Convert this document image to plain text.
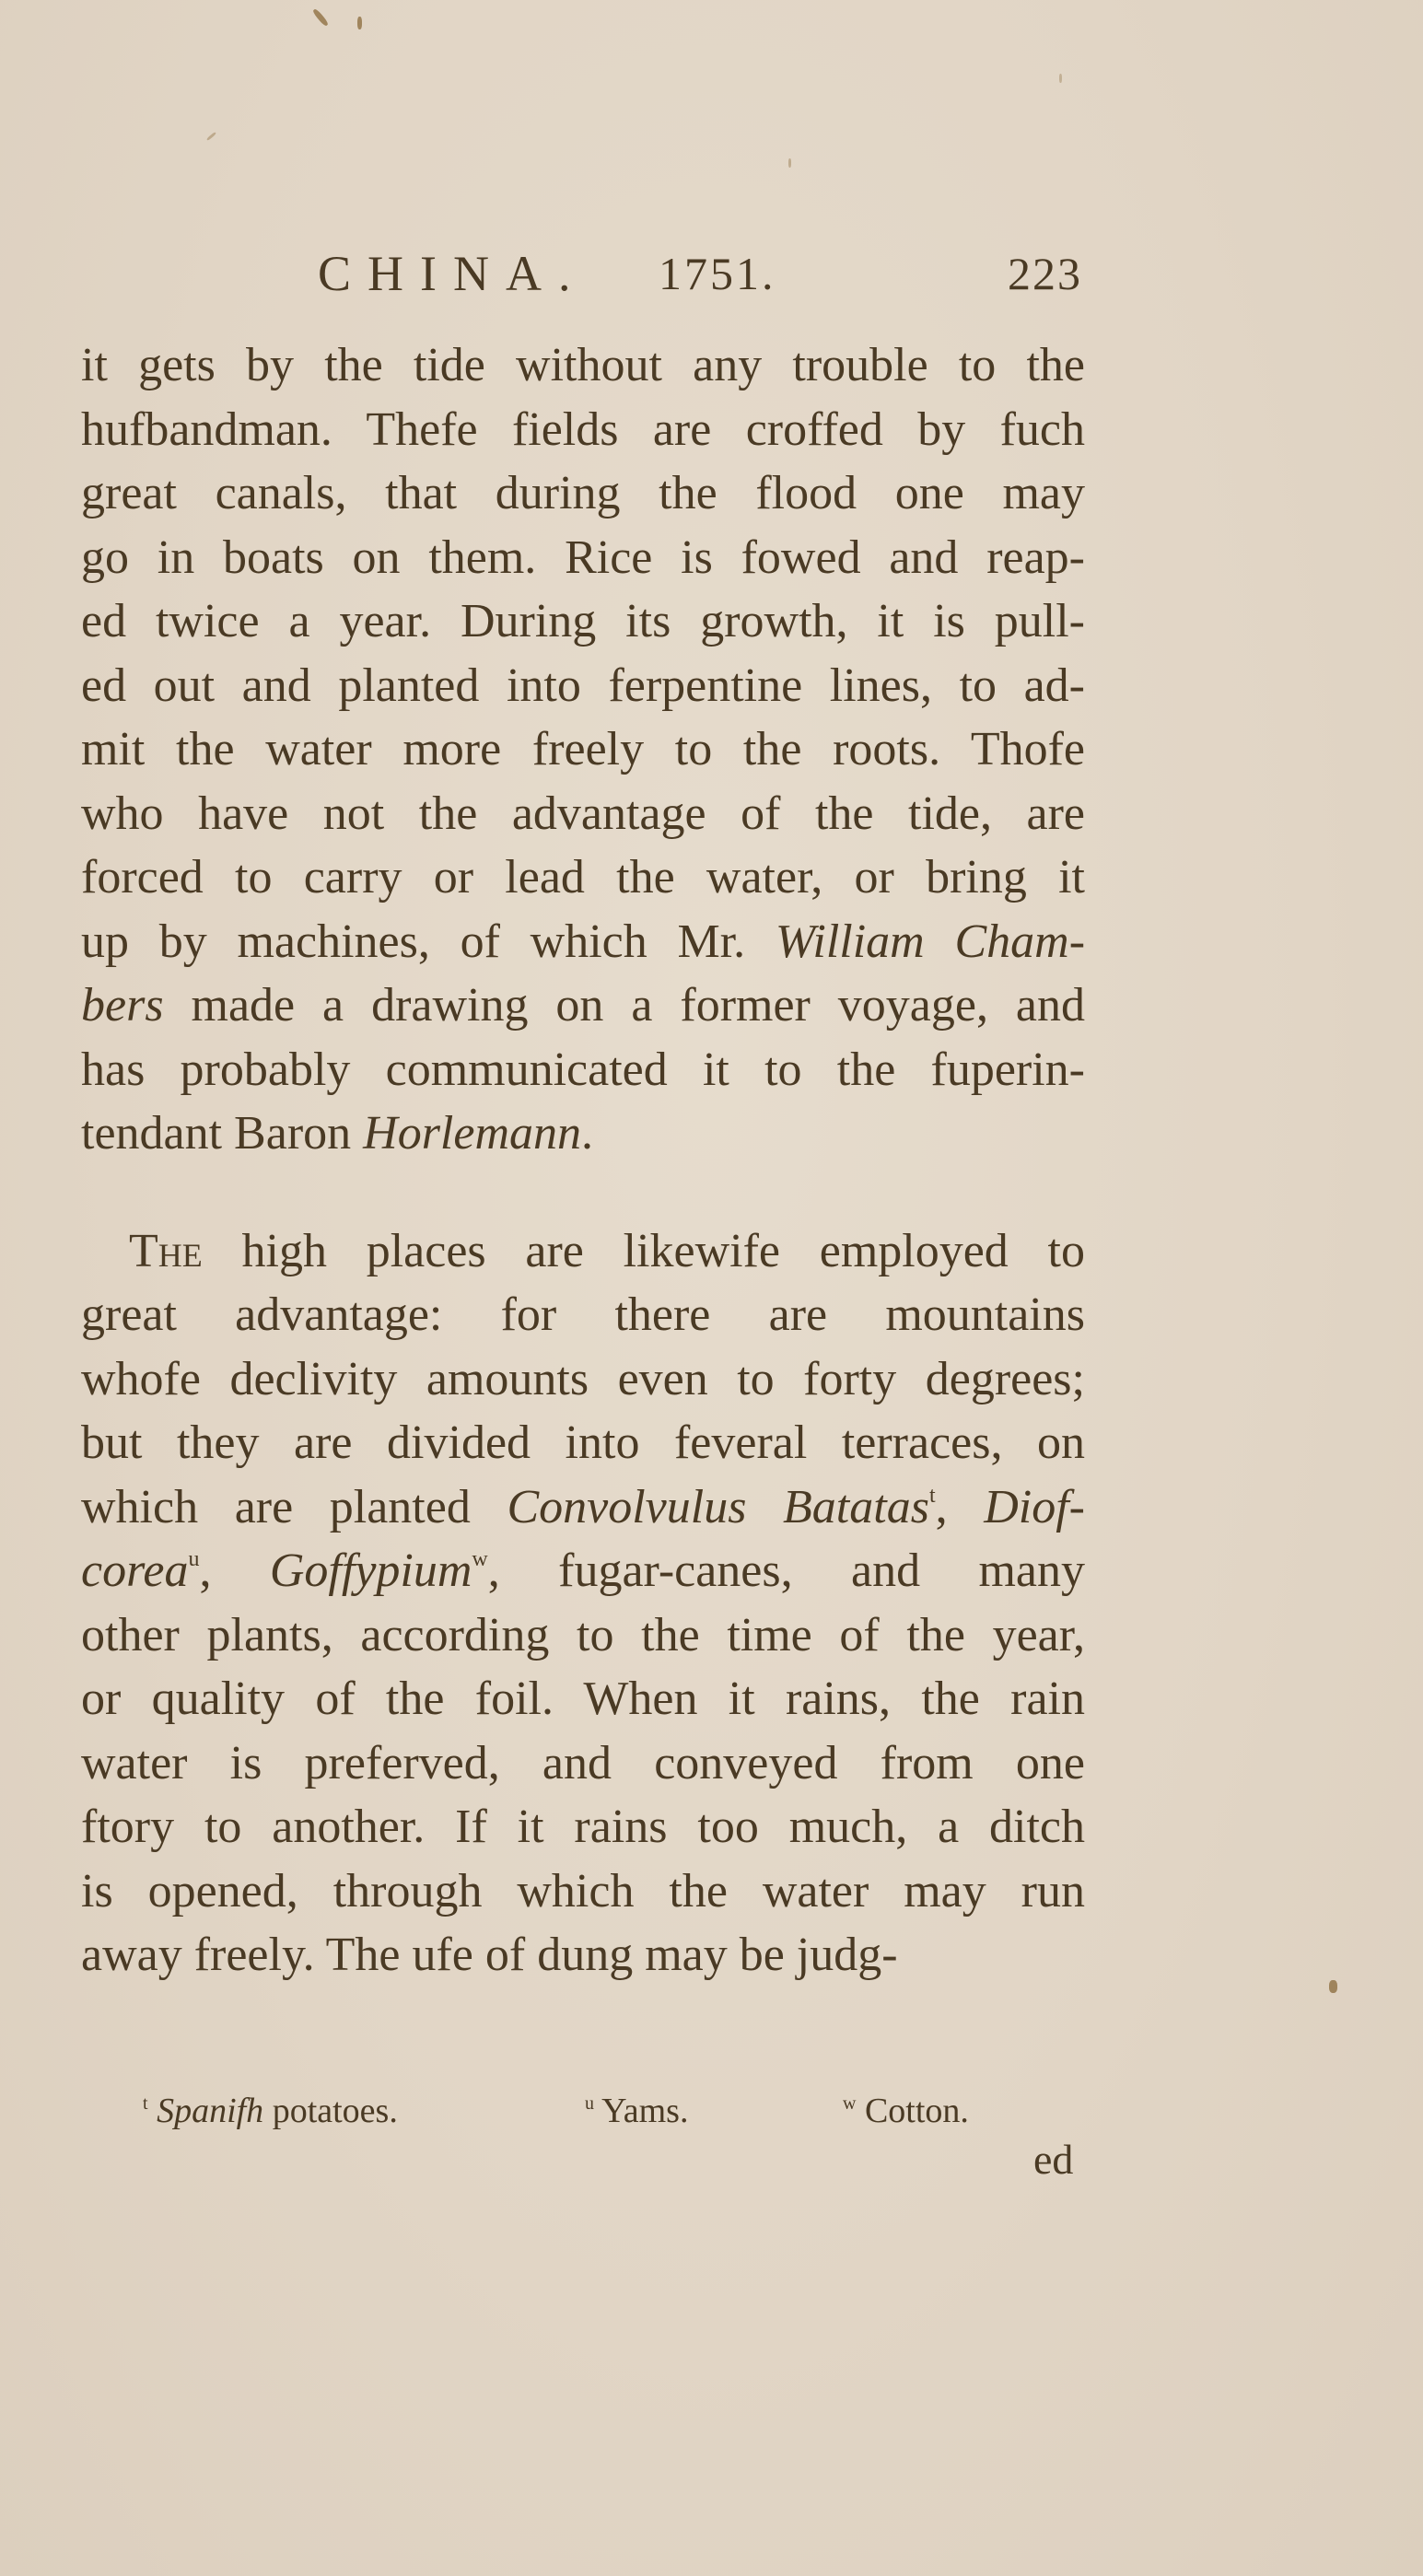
CHINA. 1751.	223
it gets by the tide without any trouble to the
hufbandman. Thefe fields are croffed by fuch
great canals, that during the flood one may
go in boats on them. Rice is fowed and reap-
ed twice a year. During its growth, it is pull-
ed out and planted into ferpentine lines, to ad-
mit the water more freely to the roots. Thofe
who have not the advantage of the tide, are
forced to carry or lead the water, or bring it
up by machines, of which Mr. William Cham-
bers made a drawing on a former voyage, and
has probably communicated it to the fuperin-
tendant Baron Horlemann.
The high places are likewife employed to
great advantage: for there are mountains
whofe declivity amounts even to forty degrees;
but they are divided into feveral terraces, on
which are planted Convolvulus Batatas$^t$, Diof-
corea$^u$, Goffypium$^w$, fugar-canes, and many
other plants, according to the time of the year,
or quality of the foil. When it rains, the rain
water is preferved, and conveyed from one
ftory to another. If it rains too much, a ditch
is opened, through which the water may run
away freely. The ufe of dung may be judg-
$^t$ Spanifh potatoes.	$^u$ Yams.	$^w$ Cotton.
ed
